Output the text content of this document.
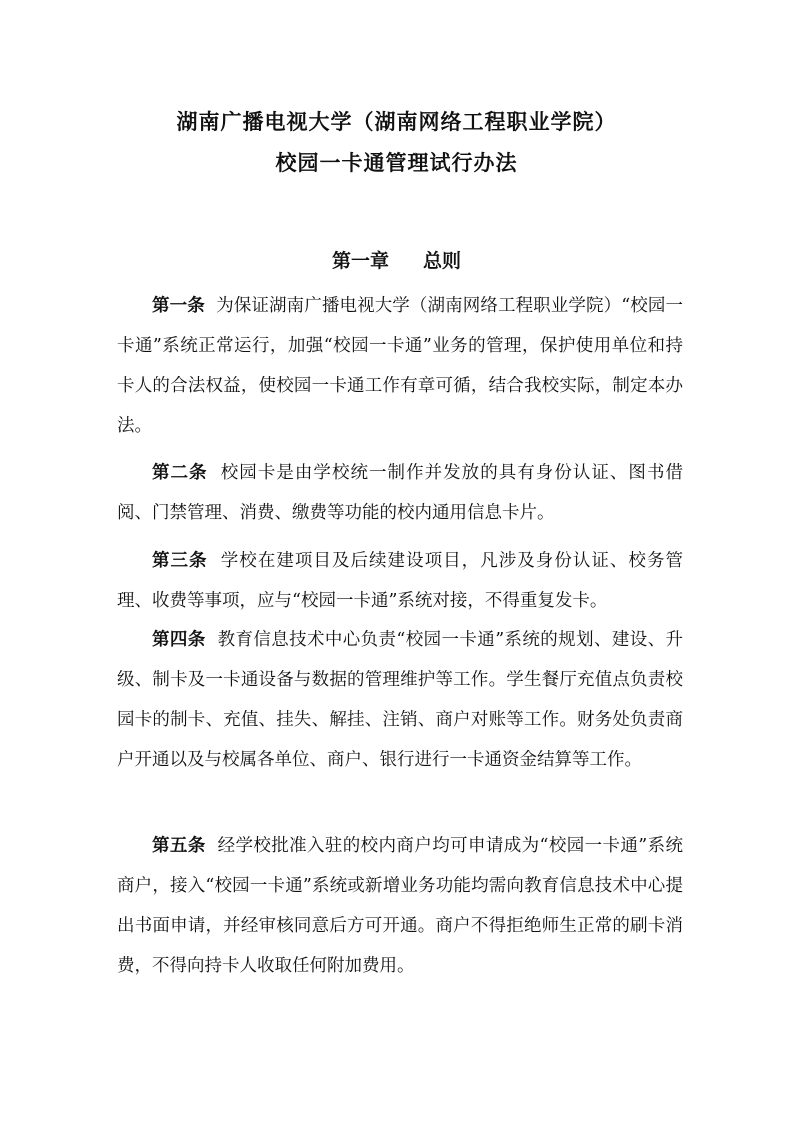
湖南广播电视大学（湖南网络工程职业学院）
校园一卡通管理试行办法
第一章 总则

第一条 为保证湖南广播电视大学（湖南网络工程职业学院）“校园一卡通”系统正常运行，加强“校园一卡通”业务的管理，保护使用单位和持卡人的合法权益，使校园一卡通工作有章可循，结合我校实际，制定本办法。

第二条 校园卡是由学校统一制作并发放的具有身份认证、图书借阅、门禁管理、消费、缴费等功能的校内通用信息卡片。

第三条 学校在建项目及后续建设项目，凡涉及身份认证、校务管理、收费等事项，应与“校园一卡通”系统对接，不得重复发卡。

第四条 教育信息技术中心负责“校园一卡通”系统的规划、建设、升级、制卡及一卡通设备与数据的管理维护等工作。学生餐厅充值点负责校园卡的制卡、充值、挂失、解挂、注销、商户对账等工作。财务处负责商户开通以及与校属各单位、商户、银行进行一卡通资金结算等工作。

第五条 经学校批准入驻的校内商户均可申请成为“校园一卡通”系统商户，接入“校园一卡通”系统或新增业务功能均需向教育信息技术中心提出书面申请，并经审核同意后方可开通。商户不得拒绝师生正常的刷卡消费，不得向持卡人收取任何附加费用。
